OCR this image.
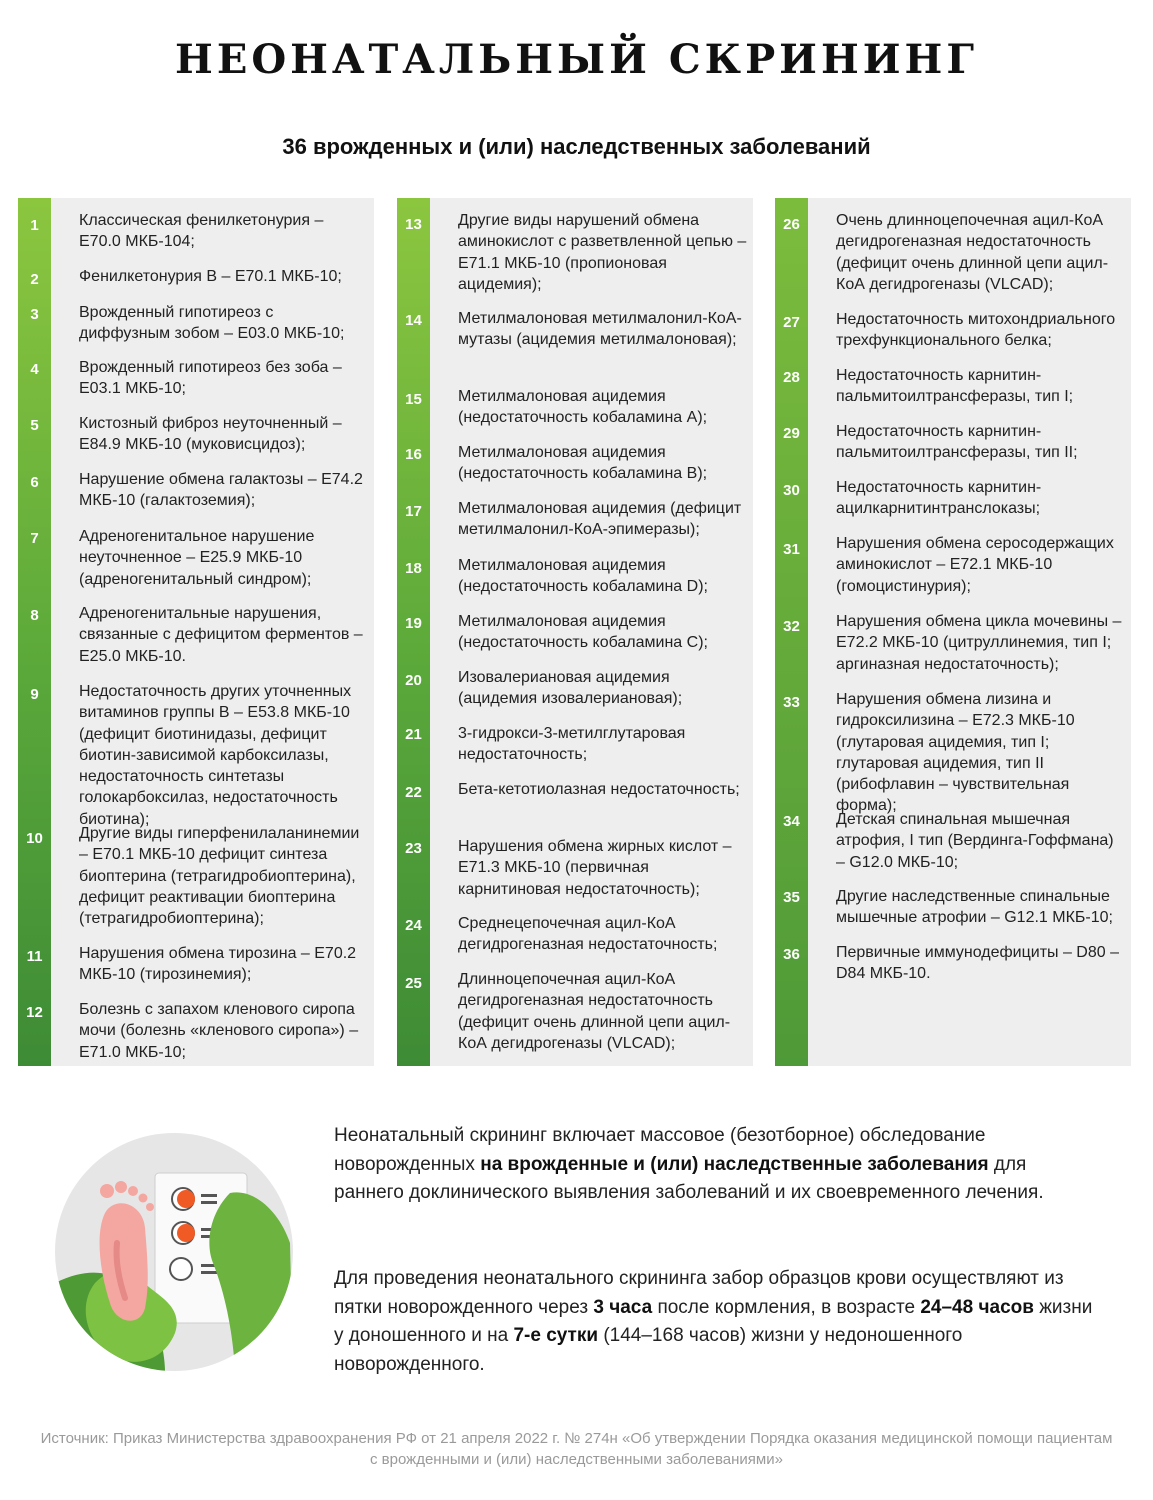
НЕОНАТАЛЬНЫЙ СКРИНИНГ
36 врожденных и (или) наследственных заболеваний
1	Классическая фенилкетонурия – E70.0 МКБ-104;
2	Фенилкетонурия В – E70.1 МКБ-10;
3	Врожденный гипотиреоз с диффузным зобом – E03.0 МКБ-10;
4	Врожденный гипотиреоз без зоба – E03.1 МКБ-10;
5	Кистозный фиброз неуточненный – E84.9 МКБ-10 (муковисцидоз);
6	Нарушение обмена галактозы – E74.2 МКБ-10 (галактоземия);
7	Адреногенитальное нарушение неуточненное – E25.9 МКБ-10 (адреногенитальный синдром);
8	Адреногенитальные нарушения, связанные с дефицитом ферментов – E25.0 МКБ-10.
9	Недостаточность других уточненных витаминов группы В – E53.8 МКБ-10 (дефицит биотинидазы, дефицит биотин-зависимой карбоксилазы, недостаточность синтетазы голокарбоксилаз, недостаточность биотина);
10	Другие виды гиперфенилаланинемии – E70.1 МКБ-10 дефицит синтеза биоптерина (тетрагидробиоптерина), дефицит реактивации биоптерина (тетрагидробиоптерина);
11	Нарушения обмена тирозина – E70.2 МКБ-10 (тирозинемия);
12	Болезнь с запахом кленового сиропа мочи (болезнь «кленового сиропа») – E71.0 МКБ-10;
13	Другие виды нарушений обмена аминокислот с разветвленной цепью – E71.1 МКБ-10 (пропионовая ацидемия);
14	Метилмалоновая метилмалонил-КоА-мутазы (ацидемия метилмалоновая);
15	Метилмалоновая ацидемия (недостаточность кобаламина A);
16	Метилмалоновая ацидемия (недостаточность кобаламина B);
17	Метилмалоновая ацидемия (дефицит метилмалонил-КоА-эпимеразы);
18	Метилмалоновая ацидемия (недостаточность кобаламина D);
19	Метилмалоновая ацидемия (недостаточность кобаламина C);
20	Изовалериановая ацидемия (ацидемия изовалериановая);
21	3-гидрокси-3-метилглутаровая недостаточность;
22	Бета-кетотиолазная недостаточность;
23	Нарушения обмена жирных кислот – E71.3 МКБ-10 (первичная карнитиновая недостаточность);
24	Среднецепочечная ацил-КоА дегидрогеназная недостаточность;
25	Длинноцепочечная ацил-КоА дегидрогеназная недостаточность (дефицит очень длинной цепи ацил-КоА дегидрогеназы (VLCAD);
26	Очень длинноцепочечная ацил-КоА дегидрогеназная недостаточность (дефицит очень длинной цепи ацил-КоА дегидрогеназы (VLCAD);
27	Недостаточность митохондриального трехфункционального белка;
28	Недостаточность карнитин-пальмитоилтрансферазы, тип I;
29	Недостаточность карнитин-пальмитоилтрансферазы, тип II;
30	Недостаточность карнитин-ацилкарнитинтранслоказы;
31	Нарушения обмена серосодержащих аминокислот – E72.1 МКБ-10 (гомоцистинурия);
32	Нарушения обмена цикла мочевины – E72.2 МКБ-10 (цитруллинемия, тип I; аргиназная недостаточность);
33	Нарушения обмена лизина и гидроксилизина – E72.3 МКБ-10 (глутаровая ацидемия, тип I; глутаровая ацидемия, тип II (рибофлавин – чувствительная форма);
34	Детская спинальная мышечная атрофия, I тип (Вердинга-Гоффмана) – G12.0 МКБ-10;
35	Другие наследственные спинальные мышечные атрофии – G12.1 МКБ-10;
36	Первичные иммунодефициты – D80 – D84 МКБ-10.
Неонатальный скрининг включает массовое (безотборное) обследование новорожденных на врожденные и (или) наследственные заболевания для раннего доклинического выявления заболеваний и их своевременного лечения.
Для проведения неонатального скрининга забор образцов крови осуществляют из пятки новорожденного через 3 часа после кормления, в возрасте 24–48 часов жизни у доношенного и на 7-е сутки (144–168 часов) жизни у недоношенного новорожденного.
Источник: Приказ Министерства здравоохранения РФ от 21 апреля 2022 г. № 274н «Об утверждении Порядка оказания медицинской помощи пациентам с врожденными и (или) наследственными заболеваниями»
